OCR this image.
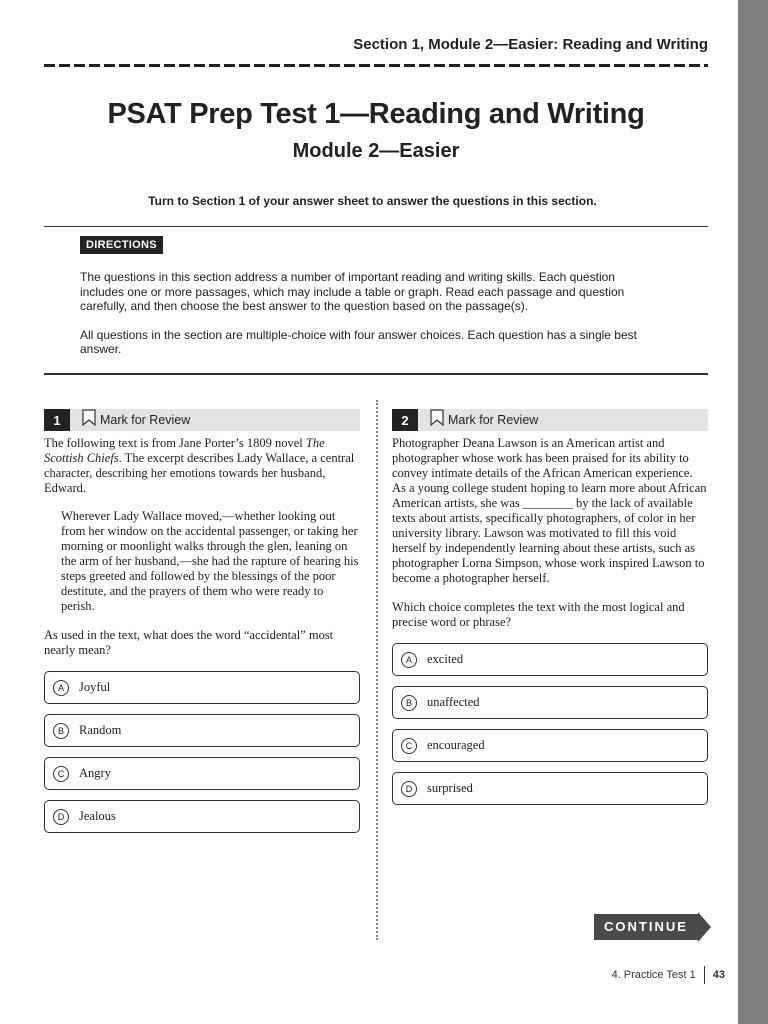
Section 1, Module 2—Easier: Reading and Writing
PSAT Prep Test 1—Reading and Writing
Module 2—Easier
Turn to Section 1 of your answer sheet to answer the questions in this section.
DIRECTIONS

The questions in this section address a number of important reading and writing skills. Each question includes one or more passages, which may include a table or graph. Read each passage and question carefully, and then choose the best answer to the question based on the passage(s).

All questions in the section are multiple-choice with four answer choices. Each question has a single best answer.

1	Mark for Review
The following text is from Jane Porter’s 1809 novel The Scottish Chiefs. The excerpt describes Lady Wallace, a central character, describing her emotions towards her husband, Edward.
Wherever Lady Wallace moved,—whether looking out from her window on the accidental passenger, or taking her morning or moonlight walks through the glen, leaning on the arm of her husband,—she had the rapture of hearing his steps greeted and followed by the blessings of the poor destitute, and the prayers of them who were ready to perish.
As used in the text, what does the word “accidental” most nearly mean?
A	Joyful
B	Random
C	Angry
D	Jealous
2	Mark for Review
Photographer Deana Lawson is an American artist and photographer whose work has been praised for its ability to convey intimate details of the African American experience. As a young college student hoping to learn more about African American artists, she was ________ by the lack of available texts about artists, specifically photographers, of color in her university library. Lawson was motivated to fill this void herself by independently learning about these artists, such as photographer Lorna Simpson, whose work inspired Lawson to become a photographer herself.
Which choice completes the text with the most logical and precise word or phrase?
A	excited
B	unaffected
C	encouraged
D	surprised
CONTINUE
4. Practice Test 1 43
